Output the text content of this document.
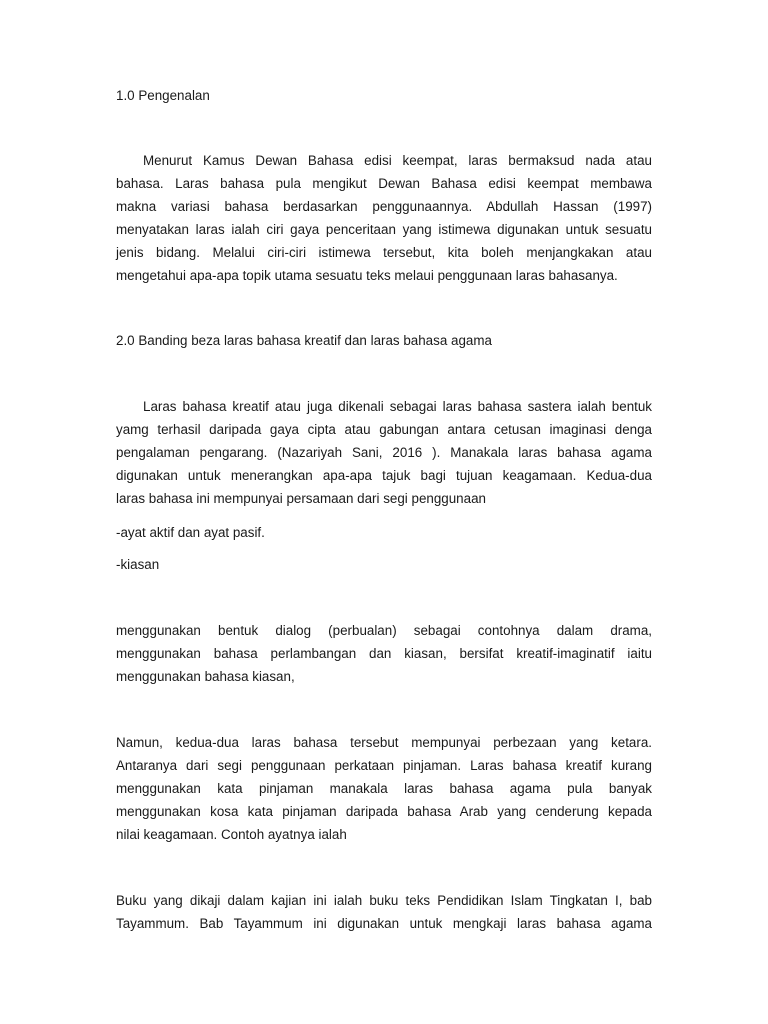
1.0 Pengenalan
Menurut Kamus Dewan Bahasa edisi keempat, laras bermaksud nada atau
bahasa. Laras bahasa pula mengikut Dewan Bahasa edisi keempat membawa
makna variasi bahasa berdasarkan penggunaannya. Abdullah Hassan (1997)
menyatakan laras ialah ciri gaya penceritaan yang istimewa digunakan untuk sesuatu
jenis bidang. Melalui ciri-ciri istimewa tersebut, kita boleh menjangkakan atau
mengetahui apa-apa topik utama sesuatu teks melaui penggunaan laras bahasanya.
2.0 Banding beza laras bahasa kreatif dan laras bahasa agama
Laras bahasa kreatif atau juga dikenali sebagai laras bahasa sastera ialah bentuk
yamg terhasil daripada gaya cipta atau gabungan antara cetusan imaginasi denga
pengalaman pengarang. (Nazariyah Sani, 2016 ). Manakala laras bahasa agama
digunakan untuk menerangkan apa-apa tajuk bagi tujuan keagamaan. Kedua-dua
laras bahasa ini mempunyai persamaan dari segi penggunaan
-ayat aktif dan ayat pasif.
-kiasan
menggunakan bentuk dialog (perbualan) sebagai contohnya dalam drama,
menggunakan bahasa perlambangan dan kiasan, bersifat kreatif-imaginatif iaitu
menggunakan bahasa kiasan,
Namun, kedua-dua laras bahasa tersebut mempunyai perbezaan yang ketara.
Antaranya dari segi penggunaan perkataan pinjaman. Laras bahasa kreatif kurang
menggunakan kata pinjaman manakala laras bahasa agama pula banyak
menggunakan kosa kata pinjaman daripada bahasa Arab yang cenderung kepada
nilai keagamaan. Contoh ayatnya ialah
Buku yang dikaji dalam kajian ini ialah buku teks Pendidikan Islam Tingkatan I, bab
Tayammum. Bab Tayammum ini digunakan untuk mengkaji laras bahasa agama
